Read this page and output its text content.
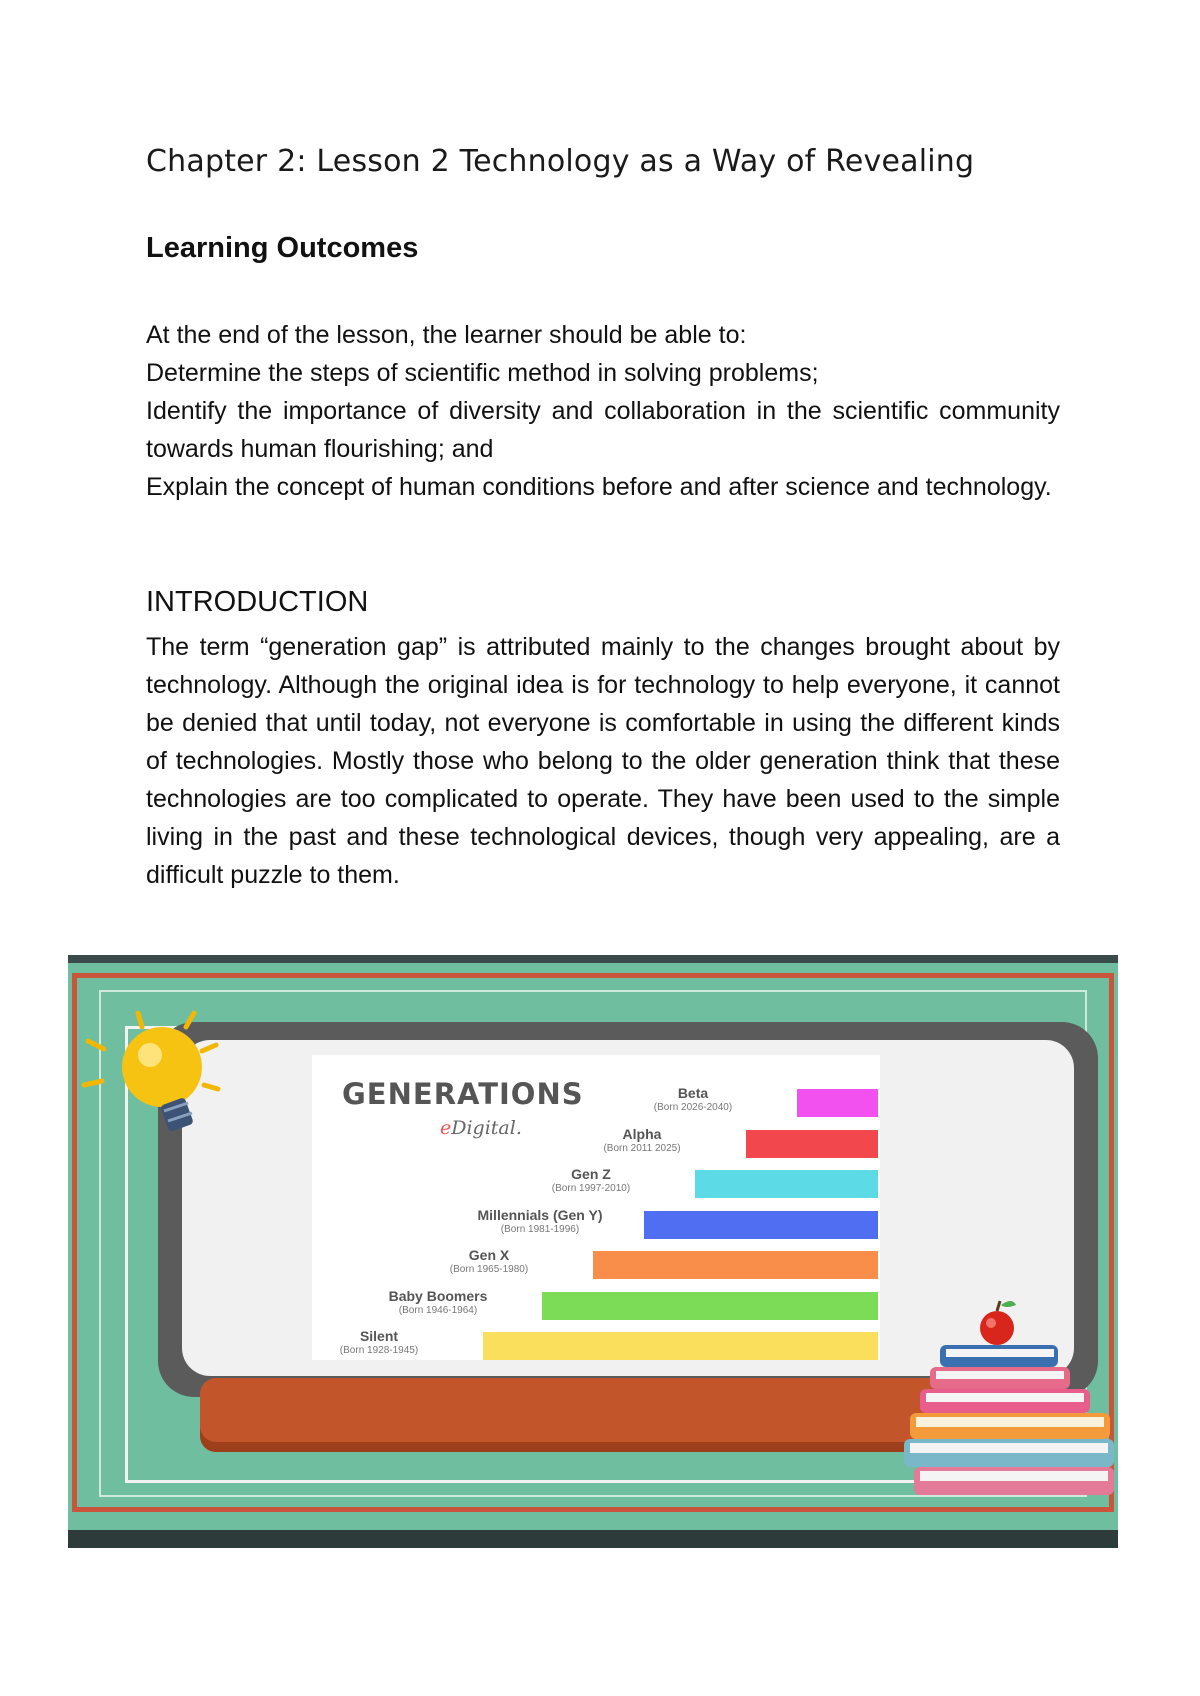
Chapter 2: Lesson 2 Technology as a Way of Revealing
Learning Outcomes

At the end of the lesson, the learner should be able to:

Determine the steps of scientific method in solving problems;

Identify the importance of diversity and collaboration in the scientific community towards human flourishing; and

Explain the concept of human conditions before and after science and technology.

INTRODUCTION

The term “generation gap” is attributed mainly to the changes brought about by technology. Although the original idea is for technology to help everyone, it cannot be denied that until today, not everyone is comfortable in using the different kinds of technologies. Mostly those who belong to the older generation think that these technologies are too complicated to operate. They have been used to the simple living in the past and these technological devices, though very appealing, are a difficult puzzle to them.

GENERATIONS
eDigital.
Beta
(Born 2026-2040)
Alpha
(Born 2011 2025)
Gen Z
(Born 1997-2010)
Millennials (Gen Y)
(Born 1981-1996)
Gen X
(Born 1965-1980)
Baby Boomers
(Born 1946-1964)
Silent
(Born 1928-1945)
